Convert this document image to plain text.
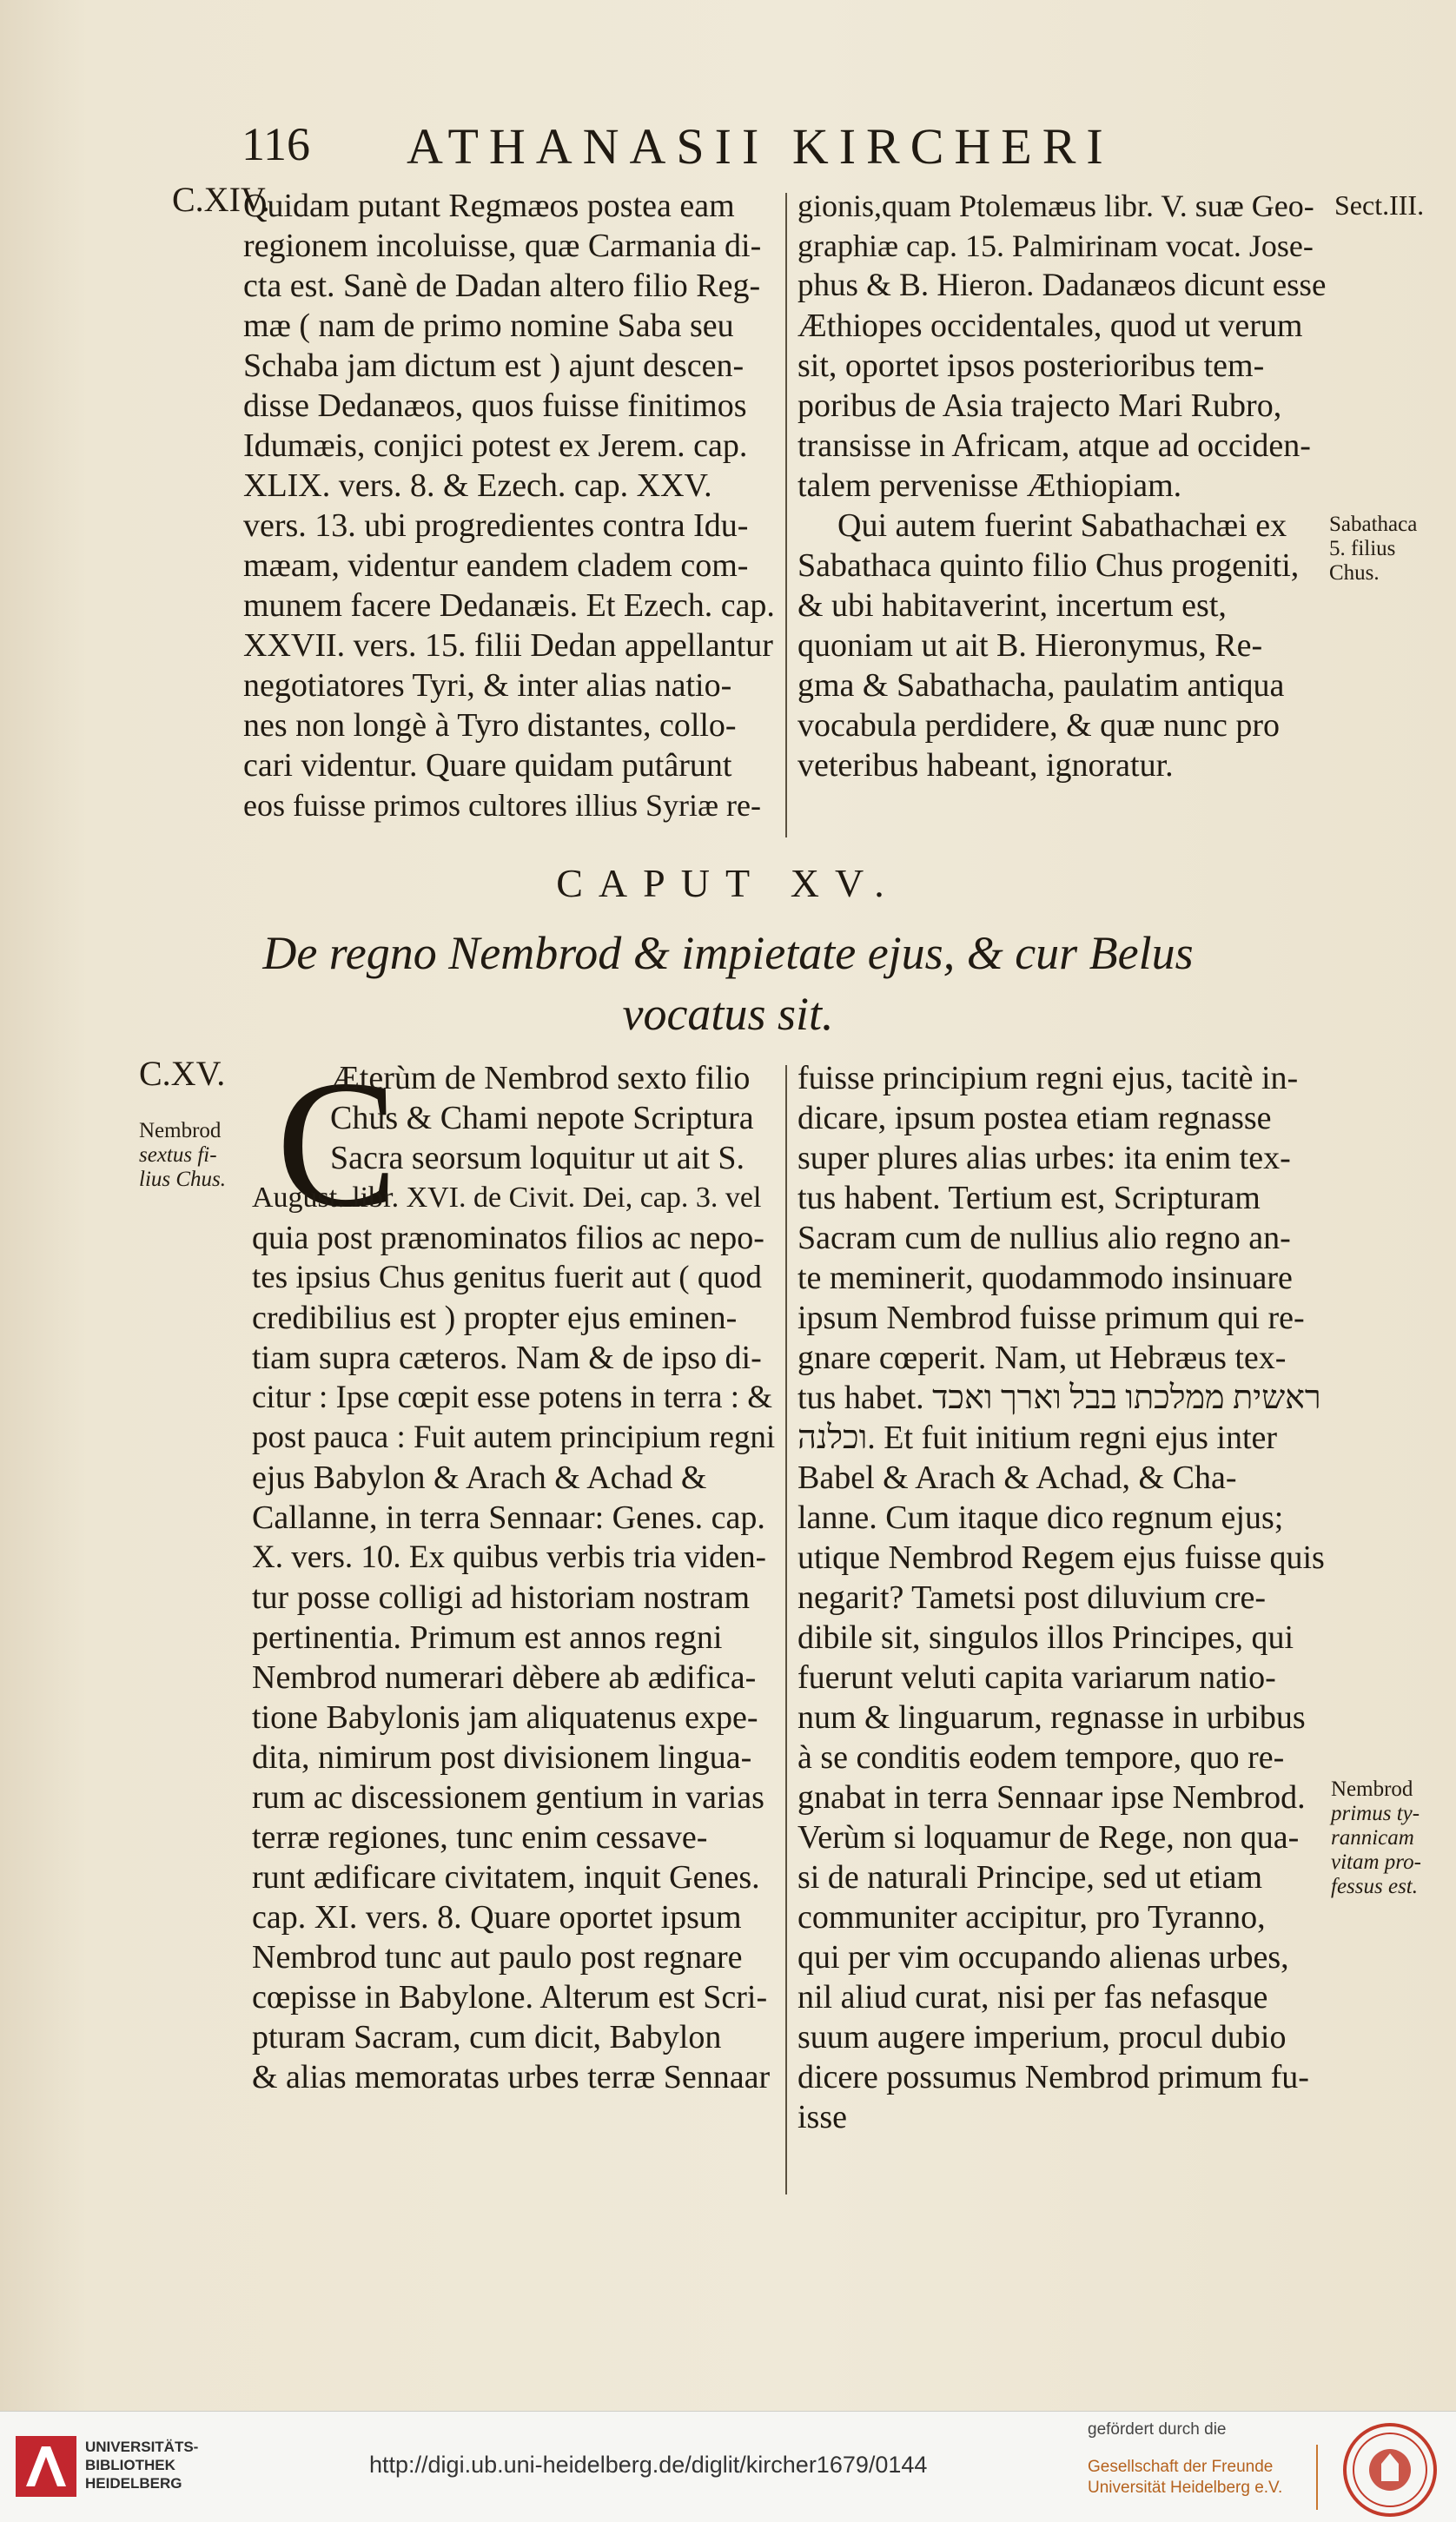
116 ATHANASII KIRCHERI
C.XIV.	Sect.III.
Sabathaca
5. filius
Chus.
Quidam putant Regmæos postea eam
regionem incoluisse, quæ Carmania di-
cta est. Sanè de Dadan altero filio Reg-
mæ ( nam de primo nomine Saba seu
Schaba jam dictum est ) ajunt descen-
disse Dedanæos, quos fuisse finitimos
Idumæis, conjici potest ex Jerem. cap.
XLIX. vers. 8. & Ezech. cap. XXV.
vers. 13. ubi progredientes contra Idu-
mæam, videntur eandem cladem com-
munem facere Dedanæis. Et Ezech. cap.
XXVII. vers. 15. filii Dedan appellantur
negotiatores Tyri, & inter alias natio-
nes non longè à Tyro distantes, collo-
cari videntur. Quare quidam putârunt
eos fuisse primos cultores illius Syriæ re-
gionis,quam Ptolemæus libr. V. suæ Geo-
graphiæ cap. 15. Palmirinam vocat. Jose-
phus & B. Hieron. Dadanæos dicunt esse
Æthiopes occidentales, quod ut verum
sit, oportet ipsos posterioribus tem-
poribus de Asia trajecto Mari Rubro,
transisse in Africam, atque ad occiden-
talem pervenisse Æthiopiam.
Qui autem fuerint Sabathachæi ex
Sabathaca quinto filio Chus progeniti,
& ubi habitaverint, incertum est,
quoniam ut ait B. Hieronymus, Re-
gma & Sabathacha, paulatim antiqua
vocabula perdidere, & quæ nunc pro
veteribus habeant, ignoratur.
CAPUT XV.
De regno Nembrod & impietate ejus, & cur Belus
vocatus sit.
C.XV.
Nembrod
sextus fi-
lius Chus.
Nembrod
primus ty-
rannicam
vitam pro-
fessus est.
C
Æterùm de Nembrod sexto filio
Chus & Chami nepote Scriptura
Sacra seorsum loquitur ut ait S.
August. libr. XVI. de Civit. Dei, cap. 3. vel
quia post prænominatos filios ac nepo-
tes ipsius Chus genitus fuerit aut ( quod
credibilius est ) propter ejus eminen-
tiam supra cæteros. Nam & de ipso di-
citur : Ipse cœpit esse potens in terra : &
post pauca : Fuit autem principium regni
ejus Babylon & Arach & Achad &
Callanne, in terra Sennaar: Genes. cap.
X. vers. 10. Ex quibus verbis tria viden-
tur posse colligi ad historiam nostram
pertinentia. Primum est annos regni
Nembrod numerari dèbere ab ædifica-
tione Babylonis jam aliquatenus expe-
dita, nimirum post divisionem lingua-
rum ac discessionem gentium in varias
terræ regiones, tunc enim cessave-
runt ædificare civitatem, inquit Genes.
cap. XI. vers. 8. Quare oportet ipsum
Nembrod tunc aut paulo post regnare
cœpisse in Babylone. Alterum est Scri-
pturam Sacram, cum dicit, Babylon
& alias memoratas urbes terræ Sennaar
fuisse principium regni ejus, tacitè in-
dicare, ipsum postea etiam regnasse
super plures alias urbes: ita enim tex-
tus habent. Tertium est, Scripturam
Sacram cum de nullius alio regno an-
te meminerit, quodammodo insinuare
ipsum Nembrod fuisse primum qui re-
gnare cœperit. Nam, ut Hebræus tex-
tus habet. ראשית ממלכתו בבל וארך ואכד
וכלנה. Et fuit initium regni ejus inter
Babel & Arach & Achad, & Cha-
lanne. Cum itaque dico regnum ejus;
utique Nembrod Regem ejus fuisse quis
negarit? Tametsi post diluvium cre-
dibile sit, singulos illos Principes, qui
fuerunt veluti capita variarum natio-
num & linguarum, regnasse in urbibus
à se conditis eodem tempore, quo re-
gnabat in terra Sennaar ipse Nembrod.
Verùm si loquamur de Rege, non qua-
si de naturali Principe, sed ut etiam
communiter accipitur, pro Tyranno,
qui per vim occupando alienas urbes,
nil aliud curat, nisi per fas nefasque
suum augere imperium, procul dubio
dicere possumus Nembrod primum fu-
isse
UNIVERSITÄTS-
BIBLIOTHEK
HEIDELBERG
http://digi.ub.uni-heidelberg.de/diglit/kircher1679/0144
gefördert durch die
Gesellschaft der Freunde
Universität Heidelberg e.V.
